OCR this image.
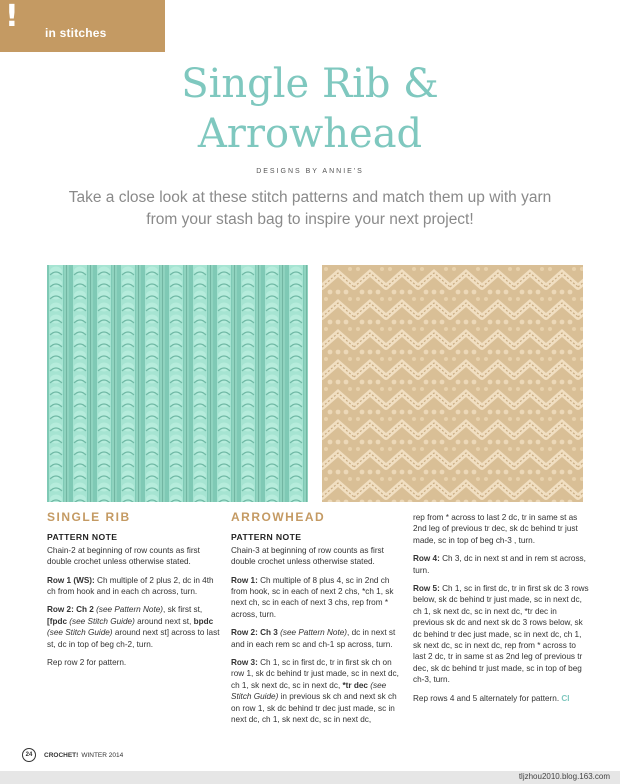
! in stitches
Single Rib &
Arrowhead
DESIGNS BY ANNIE'S
Take a close look at these stitch patterns and match them up with yarn
from your stash bag to inspire your next project!
SINGLE RIB
PATTERN NOTE

Chain-2 at beginning of row counts as first double crochet unless otherwise stated.

Row 1 (WS): Ch multiple of 2 plus 2, dc in 4th ch from hook and in each ch across, turn.

Row 2: Ch 2 (see Pattern Note), sk first st, [fpdc (see Stitch Guide) around next st, bpdc (see Stitch Guide) around next st] across to last st, dc in top of beg ch-2, turn.

Rep row 2 for pattern.

ARROWHEAD
PATTERN NOTE

Chain-3 at beginning of row counts as first double crochet unless otherwise stated.

Row 1: Ch multiple of 8 plus 4, sc in 2nd ch from hook, sc in each of next 2 chs, *ch 1, sk next ch, sc in each of next 3 chs, rep from * across, turn.

Row 2: Ch 3 (see Pattern Note), dc in next st and in each rem sc and ch-1 sp across, turn.

Row 3: Ch 1, sc in first dc, tr in first sk ch on row 1, sk dc behind tr just made, sc in next dc, ch 1, sk next dc, sc in next dc, *tr dec (see Stitch Guide) in previous sk ch and next sk ch on row 1, sk dc behind tr dec just made, sc in next dc, ch 1, sk next dc, sc in next dc,

rep from * across to last 2 dc, tr in same st as 2nd leg of previous tr dec, sk dc behind tr just made, sc in top of beg ch-3 , turn.

Row 4: Ch 3, dc in next st and in rem st across, turn.

Row 5: Ch 1, sc in first dc, tr in first sk dc 3 rows below, sk dc behind tr just made, sc in next dc, ch 1, sk next dc, sc in next dc, *tr dec in previous sk dc and next sk dc 3 rows below, sk dc behind tr dec just made, sc in next dc, ch 1, sk next dc, sc in next dc, rep from * across to last 2 dc, tr in same st as 2nd leg of previous tr dec, sk dc behind tr just made, sc in top of beg ch-3, turn.

Rep rows 4 and 5 alternately for pattern. CI

24	CROCHET! WINTER 2014
tljzhou2010.blog.163.com
